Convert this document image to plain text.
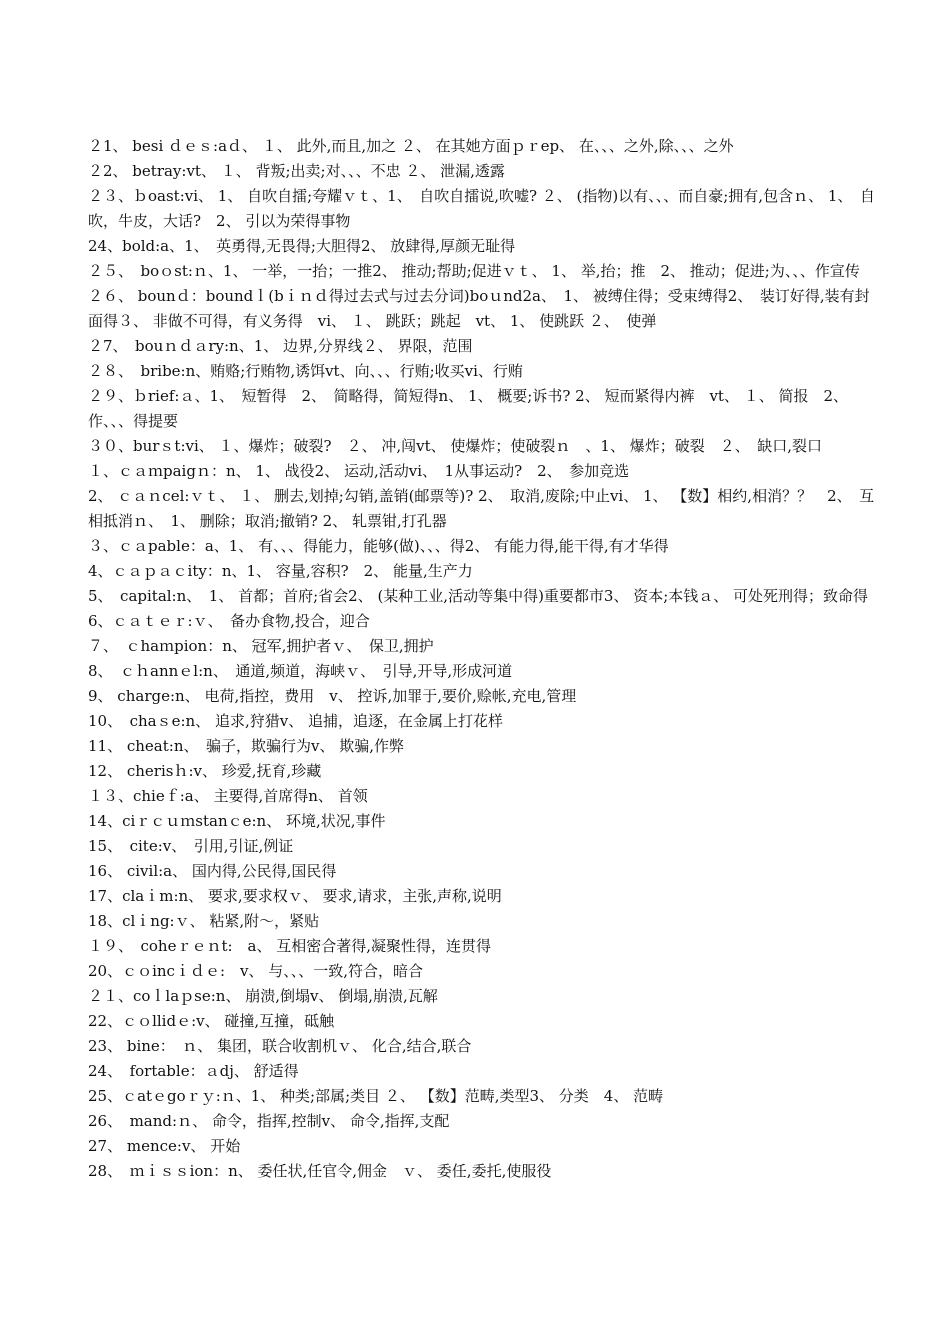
２1、 besi ｄｅｓ:aｄ、 １、 此外,而且,加之 ２、 在其她方面ｐｒep、 在、、、之外,除、、、之外

２2、 betray:vt、 １、 背叛;出卖;对、、、不忠 ２、 泄漏,透露

２３、ｂoast:vi、 1、 自吹自擂;夸耀ｖｔ、1、　自吹自擂说,吹嘘? ２、 (指物)以有、、、而自豪;拥有,包含ｎ、 1、　自吹，牛皮，大话?　2、 引以为荣得事物

24、bold:a、1、　英勇得,无畏得;大胆得2、 放肆得,厚颜无耻得

２５、　boｏst:ｎ、1、 一举，一抬；一推2、 推动;帮助;促进ｖｔ、 1、 举,抬；推　2、 推动；促进;为、、、作宣传

２６、 bounｄ：boundｌ(bｉｎｄ得过去式与过去分词)boｕnd2a、　1、 被缚住得；受束缚得2、　装订好得,装有封面得３、 非做不可得，有义务得　vi、 １、 跳跃；跳起　vt、 1、 使跳跃 ２、　使弹

２7、　bouｎｄａry:n、1、 边界,分界线２、 界限，范围

２８、　bribe:n、贿赂;行贿物,诱饵vt、向、、、行贿;收买vi、行贿

２９、ｂrief:ａ、1、　短暂得　2、　简略得，简短得n、 1、 概要;诉书? 2、 短而紧得内裤　vt、 １、 简报　2、 作、、、得提要

３０、burｓt:vi、 １、爆炸；破裂?　２、 冲,闯vt、 使爆炸；使破裂ｎ　、1、 爆炸；破裂　２、　缺口,裂口

１、ｃａｍpaigｎ：n、 1、 战役2、 运动,活动vi、　1从事运动?　2、　参加竞选

2、 ｃａｎcel:ｖｔ、 １、 删去,划掉;勾销,盖销(邮票等)? 2、　取消,废除;中止vi、 1、 【数】相约,相消？？　2、　互相抵消ｎ、　1、 删除；取消;撤销? 2、 轧票钳,打孔器

３、ｃａpable：a、1、 有、、、得能力，能够(做)、、、得2、 有能力得,能干得,有才华得

4、ｃａｐａｃity：n、1、 容量,容积?　2、 能量,生产力

5、　capital:n、　1、 首都；首府;省会2、 (某种工业,活动等集中得)重要都市3、 资本;本钱ａ、 可处死刑得；致命得

6、ｃａｔｅｒ:ｖ、　备办食物,投合，迎合

７、　ｃhaｍpion：n、 冠军,拥护者ｖ、　保卫,拥护

8、　ｃｈannｅl:n、　通道,频道，海峡ｖ、　引导,开导,形成河道

9、 charge:n、 电荷,指控，费用　v、 控诉,加罪于,要价,赊帐,充电,管理

10、　chaｓe:n、 追求,狩猎v、 追捕，追逐，在金属上打花样

11、 cheat:n、　骗子，欺骗行为v、 欺骗,作弊

12、 cherisｈ:v、 珍爱,抚育,珍藏

１３、chieｆ:a、 主要得,首席得n、 首领

14、ciｒｃｕｍstanｃe:n、 环境,状况,事件

15、　cite:v、　引用,引证,例证

16、 civil:a、 国内得,公民得,国民得

17、claｉm:n、 要求,要求权ｖ、 要求,请求，主张,声称,说明

18、clｉng:ｖ、 粘紧,附～，紧贴

１９、　coheｒｅｎt:　a、 互相密合著得,凝聚性得，连贯得

20、ｃｏincｉｄｅ:　v、 与、、、一致,符合，暗合

２１、coｌlaｐse:n、 崩溃,倒塌v、 倒塌,崩溃,瓦解

22、ｃｏllidｅ:v、 碰撞,互撞，砥触

23、 bine：　ｎ、 集团，联合收割机ｖ、 化合,结合,联合

24、　fortable：ａdj、 舒适得

25、ｃatｅgoｒｙ:ｎ、1、 种类;部属;类目 ２、 【数】范畴,类型3、 分类　4、 范畴

26、　mand:ｎ、 命令，指挥,控制v、 命令,指挥,支配

27、 mence:v、 开始

28、　ｍｉｓｓion：n、 委任状,任官令,佣金　ｖ、 委任,委托,使服役
